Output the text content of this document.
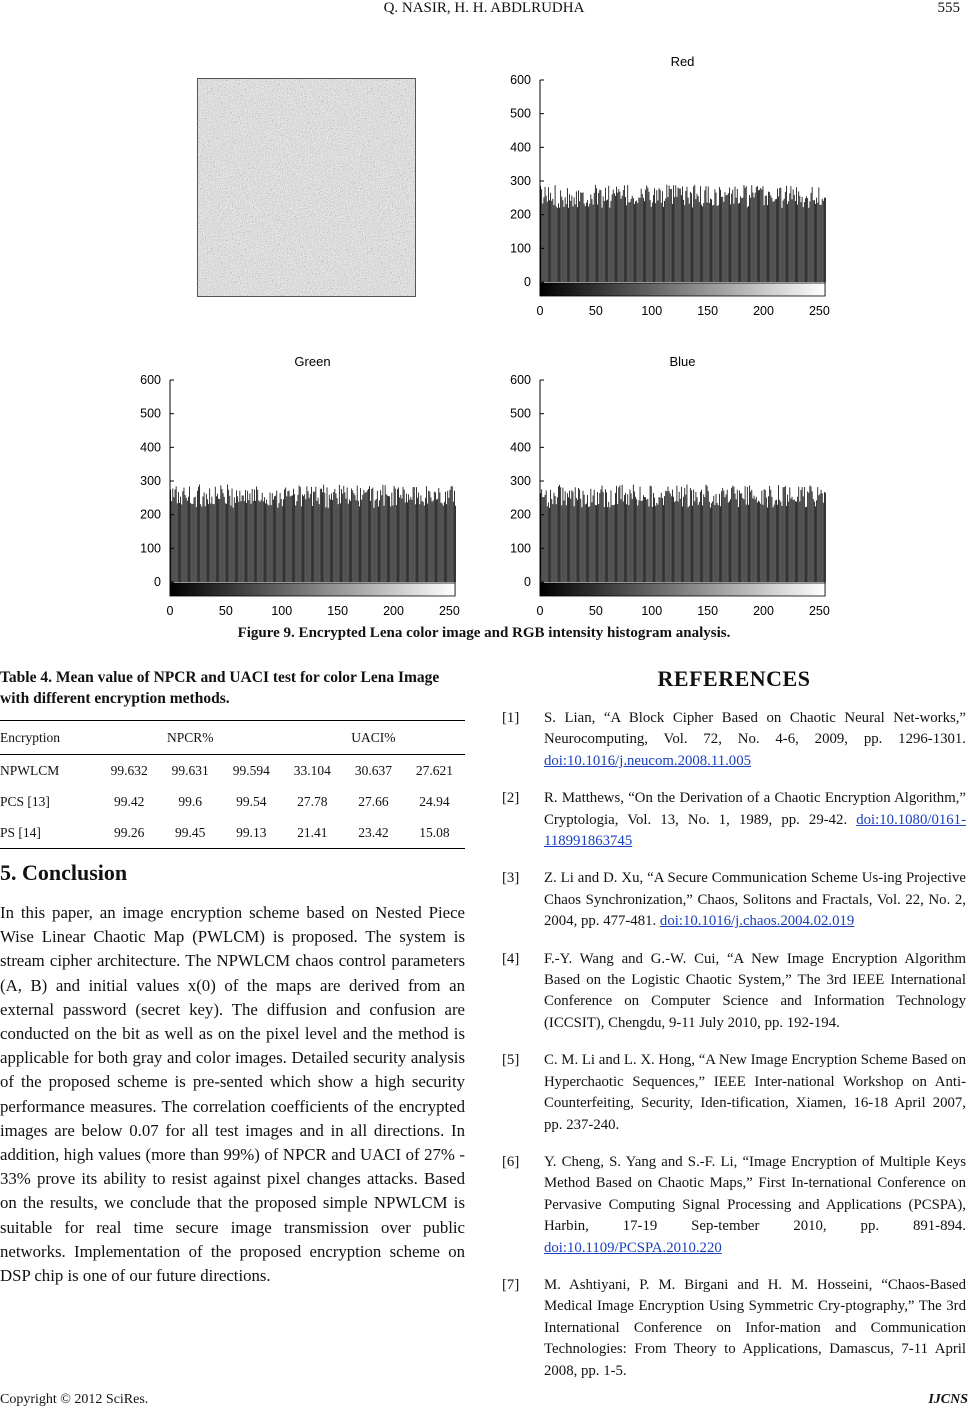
Q. NASIR, H. H. ABDLRUDHA	555
Red
0
100
200
300
400
500
600
0	50	100	150	200	250
Green
0
100
200
300
400
500
600
0	50	100	150	200	250
Blue
0
100
200
300
400
500
600
0	50	100	150	200	250
Figure 9. Encrypted Lena color image and RGB intensity histogram analysis.
Table 4. Mean value of NPCR and UACI test for color Lena Image with different encryption methods.
Encryption	NPCR%			UACI%		
NPWLCM	99.632	99.631	99.594	33.104	30.637	27.621
PCS [13]	99.42	99.6	99.54	27.78	27.66	24.94
PS [14]	99.26	99.45	99.13	21.41	23.42	15.08
5. Conclusion
In this paper, an image encryption scheme based on Nested Piece Wise Linear Chaotic Map (PWLCM) is proposed. The system is stream cipher architecture. The NPWLCM chaos control parameters (A, B) and initial values x(0) of the maps are derived from an external password (secret key). The diffusion and confusion are conducted on the bit as well as on the pixel level and the method is applicable for both gray and color images. Detailed security analysis of the proposed scheme is pre-sented which show a high security performance measures. The correlation coefficients of the encrypted images are below 0.07 for all test images and in all directions. In addition, high values (more than 99%) of NPCR and UACI of 27% - 33% prove its ability to resist against pixel changes attacks. Based on the results, we conclude that the proposed simple NPWLCM is suitable for real time secure image transmission over public networks. Implementation of the proposed encryption scheme on DSP chip is one of our future directions.
REFERENCES
[1] S. Lian, “A Block Cipher Based on Chaotic Neural Net-works,” Neurocomputing, Vol. 72, No. 4-6, 2009, pp. 1296-1301. doi:10.1016/j.neucom.2008.11.005
[2] R. Matthews, “On the Derivation of a Chaotic Encryption Algorithm,” Cryptologia, Vol. 13, No. 1, 1989, pp. 29-42. doi:10.1080/0161-118991863745
[3] Z. Li and D. Xu, “A Secure Communication Scheme Us-ing Projective Chaos Synchronization,” Chaos, Solitons and Fractals, Vol. 22, No. 2, 2004, pp. 477-481. doi:10.1016/j.chaos.2004.02.019
[4] F.-Y. Wang and G.-W. Cui, “A New Image Encryption Algorithm Based on the Logistic Chaotic System,” The 3rd IEEE International Conference on Computer Science and Information Technology (ICCSIT), Chengdu, 9-11 July 2010, pp. 192-194.
[5] C. M. Li and L. X. Hong, “A New Image Encryption Scheme Based on Hyperchaotic Sequences,” IEEE Inter-national Workshop on Anti-Counterfeiting, Security, Iden-tification, Xiamen, 16-18 April 2007, pp. 237-240.
[6] Y. Cheng, S. Yang and S.-F. Li, “Image Encryption of Multiple Keys Method Based on Chaotic Maps,” First In-ternational Conference on Pervasive Computing Signal Processing and Applications (PCSPA), Harbin, 17-19 Sep-tember 2010, pp. 891-894. doi:10.1109/PCSPA.2010.220
[7] M. Ashtiyani, P. M. Birgani and H. M. Hosseini, “Chaos-Based Medical Image Encryption Using Symmetric Cry-ptography,” The 3rd International Conference on Infor-mation and Communication Technologies: From Theory to Applications, Damascus, 7-11 April 2008, pp. 1-5.
Copyright © 2012 SciRes.	IJCNS
